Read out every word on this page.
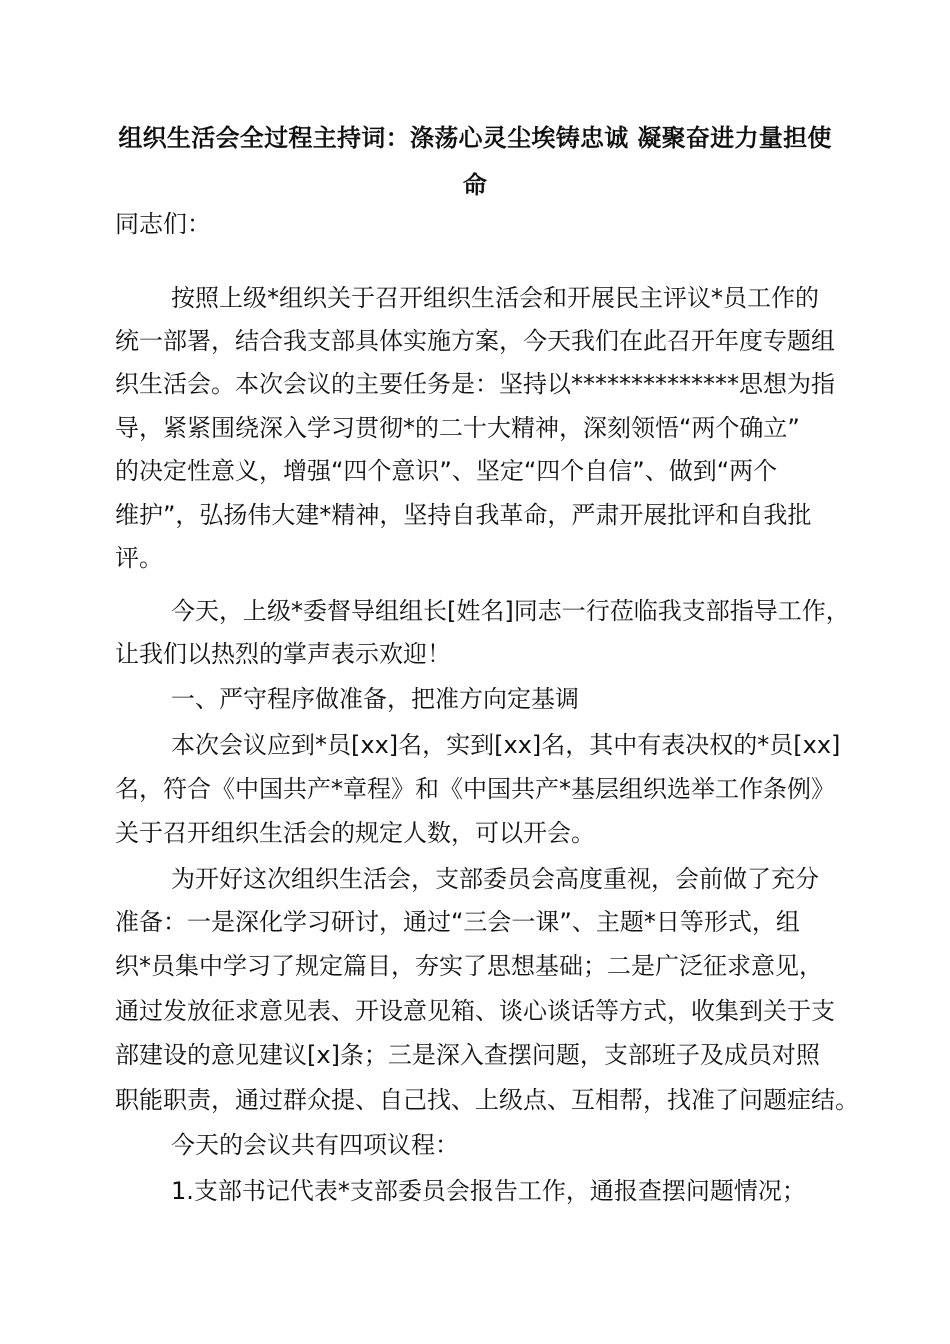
组织生活会全过程主持词：涤荡心灵尘埃铸忠诚 凝聚奋进力量担使
命
同志们：
按照上级*组织关于召开组织生活会和开展民主评议*员工作的
统一部署，结合我支部具体实施方案，今天我们在此召开年度专题组
织生活会。本次会议的主要任务是：坚持以**************思想为指
导，紧紧围绕深入学习贯彻*的二十大精神，深刻领悟“两个确立”
的决定性意义，增强“四个意识”、坚定“四个自信”、做到“两个
维护”，弘扬伟大建*精神，坚持自我革命，严肃开展批评和自我批
评。
今天，上级*委督导组组长[姓名]同志一行莅临我支部指导工作，
让我们以热烈的掌声表示欢迎！
一、严守程序做准备，把准方向定基调
本次会议应到*员[xx]名，实到[xx]名，其中有表决权的*员[xx]
名，符合《中国共产*章程》和《中国共产*基层组织选举工作条例》
关于召开组织生活会的规定人数，可以开会。
为开好这次组织生活会，支部委员会高度重视，会前做了充分
准备：一是深化学习研讨，通过“三会一课”、主题*日等形式，组
织*员集中学习了规定篇目，夯实了思想基础；二是广泛征求意见，
通过发放征求意见表、开设意见箱、谈心谈话等方式，收集到关于支
部建设的意见建议[x]条；三是深入查摆问题，支部班子及成员对照
职能职责，通过群众提、自己找、上级点、互相帮，找准了问题症结。
今天的会议共有四项议程：
1.支部书记代表*支部委员会报告工作，通报查摆问题情况；
